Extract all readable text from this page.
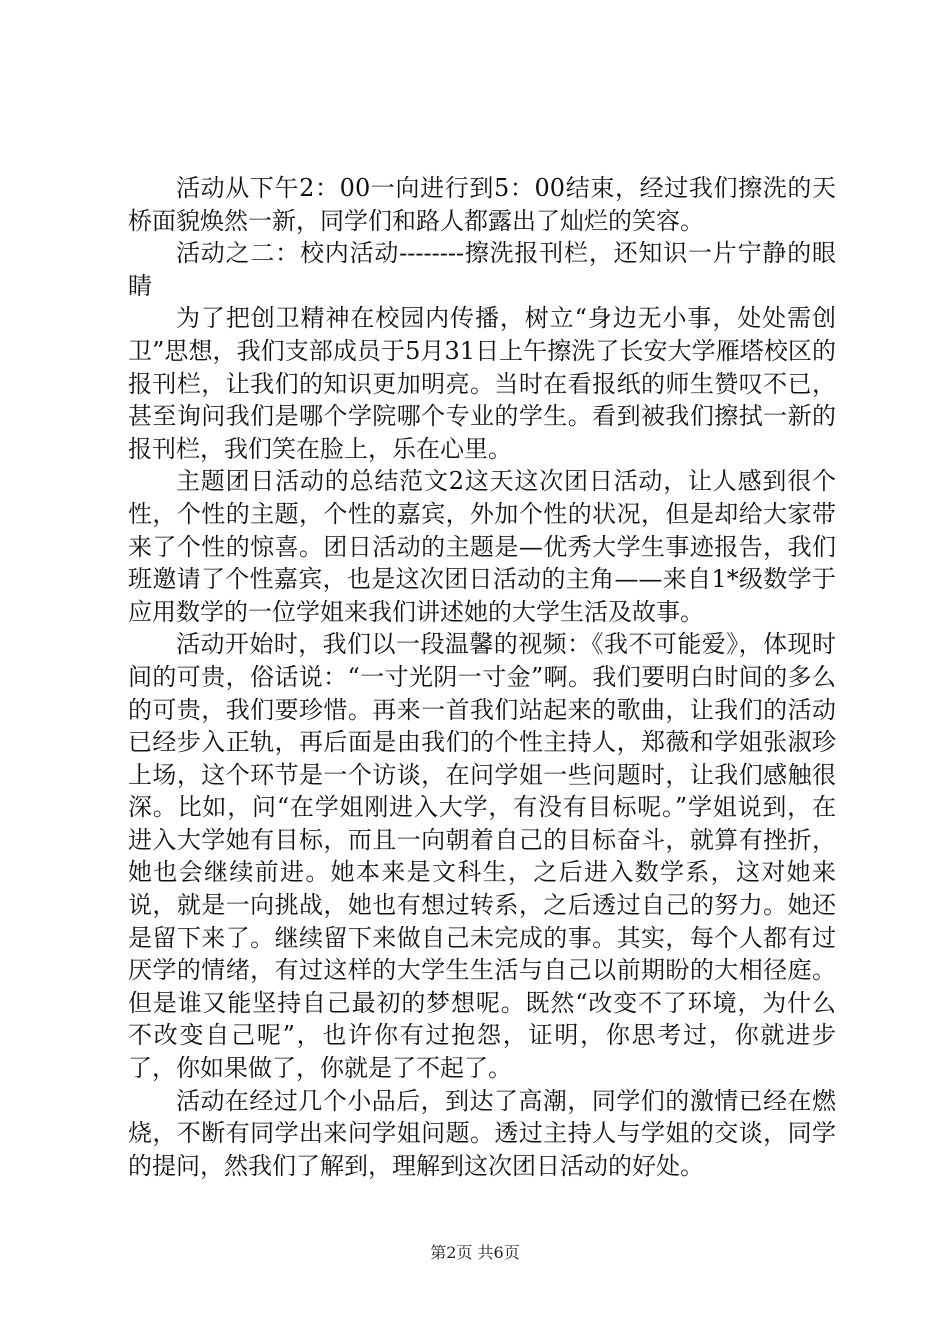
活动从下午2：00一向进行到5：00结束，经过我们擦洗的天桥面貌焕然一新，同学们和路人都露出了灿烂的笑容。

活动之二：校内活动--------擦洗报刊栏，还知识一片宁静的眼睛

为了把创卫精神在校园内传播，树立“身边无小事，处处需创卫”思想，我们支部成员于5月31日上午擦洗了长安大学雁塔校区的报刊栏，让我们的知识更加明亮。当时在看报纸的师生赞叹不已，甚至询问我们是哪个学院哪个专业的学生。看到被我们擦拭一新的报刊栏，我们笑在脸上，乐在心里。

主题团日活动的总结范文2这天这次团日活动，让人感到很个性，个性的主题，个性的嘉宾，外加个性的状况，但是却给大家带来了个性的惊喜。团日活动的主题是—优秀大学生事迹报告，我们班邀请了个性嘉宾，也是这次团日活动的主角——来自1*级数学于应用数学的一位学姐来我们讲述她的大学生活及故事。

活动开始时，我们以一段温馨的视频：《我不可能爱》，体现时间的可贵，俗话说：“一寸光阴一寸金”啊。我们要明白时间的多么的可贵，我们要珍惜。再来一首我们站起来的歌曲，让我们的活动已经步入正轨，再后面是由我们的个性主持人，郑薇和学姐张淑珍上场，这个环节是一个访谈，在问学姐一些问题时，让我们感触很深。比如，问“在学姐刚进入大学，有没有目标呢。”学姐说到，在进入大学她有目标，而且一向朝着自己的目标奋斗，就算有挫折，她也会继续前进。她本来是文科生，之后进入数学系，这对她来说，就是一向挑战，她也有想过转系，之后透过自己的努力。她还是留下来了。继续留下来做自己未完成的事。其实，每个人都有过厌学的情绪，有过这样的大学生生活与自己以前期盼的大相径庭。但是谁又能坚持自己最初的梦想呢。既然“改变不了环境，为什么不改变自己呢”，也许你有过抱怨，证明，你思考过，你就进步了，你如果做了，你就是了不起了。

活动在经过几个小品后，到达了高潮，同学们的激情已经在燃烧，不断有同学出来问学姐问题。透过主持人与学姐的交谈，同学的提问，然我们了解到，理解到这次团日活动的好处。

第2页 共6页
